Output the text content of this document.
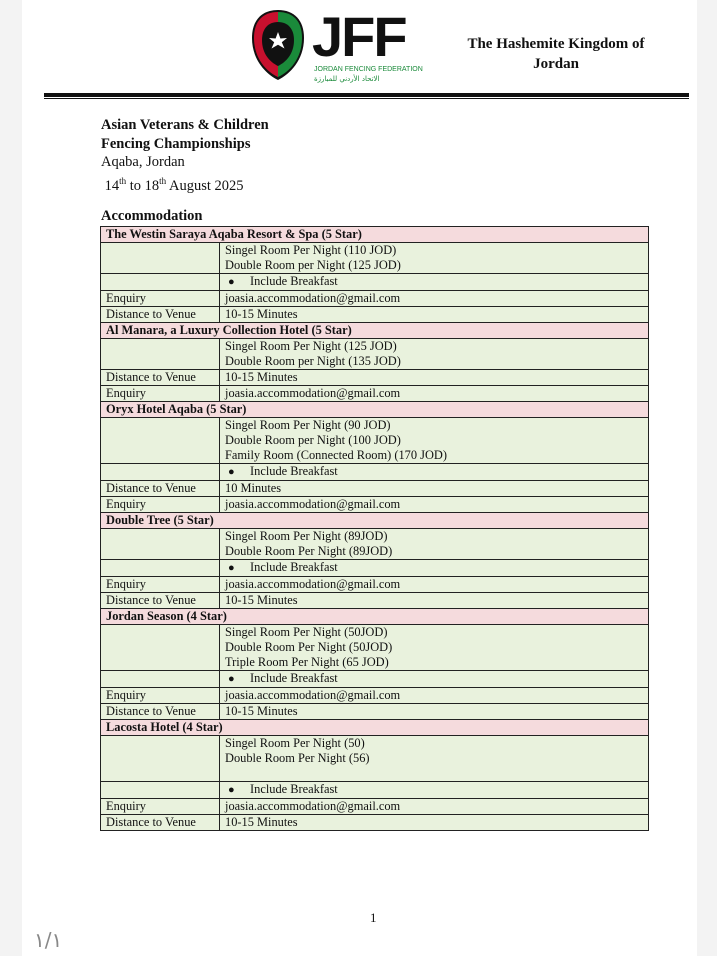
JFF
JORDAN FENCING FEDERATION
الاتحاد الأردني للمبارزة
The Hashemite Kingdom of
Jordan
Asian Veterans & Children
Fencing Championships
Aqaba, Jordan
14th to 18th August 2025
Accommodation
The Westin Saraya Aqaba Resort & Spa (5 Star)	

	Singel Room Per Night (110 JOD)
Double Room per Night (125 JOD)

	● Include Breakfast
Enquiry	joasia.accommodation@gmail.com
Distance to Venue	10-15 Minutes
Al Manara, a Luxury Collection Hotel (5 Star)	

	Singel Room Per Night (125 JOD)
Double Room per Night (135 JOD)

Distance to Venue	10-15 Minutes
Enquiry	joasia.accommodation@gmail.com
Oryx Hotel Aqaba (5 Star)	

	Singel Room Per Night (90 JOD)
Double Room per Night (100 JOD)
Family Room (Connected Room) (170 JOD)

	● Include Breakfast
Distance to Venue	10 Minutes
Enquiry	joasia.accommodation@gmail.com
Double Tree (5 Star)	

	Singel Room Per Night (89JOD)
Double Room Per Night (89JOD)

	● Include Breakfast
Enquiry	joasia.accommodation@gmail.com
Distance to Venue	10-15 Minutes
Jordan Season (4 Star)	

	Singel Room Per Night (50JOD)
Double Room Per Night (50JOD)
Triple Room Per Night (65 JOD)

	● Include Breakfast
Enquiry	joasia.accommodation@gmail.com
Distance to Venue	10-15 Minutes
Lacosta Hotel (4 Star)	

	Singel Room Per Night (50)
Double Room Per Night (56)

	● Include Breakfast
Enquiry	joasia.accommodation@gmail.com
Distance to Venue	10-15 Minutes
1
١/١
